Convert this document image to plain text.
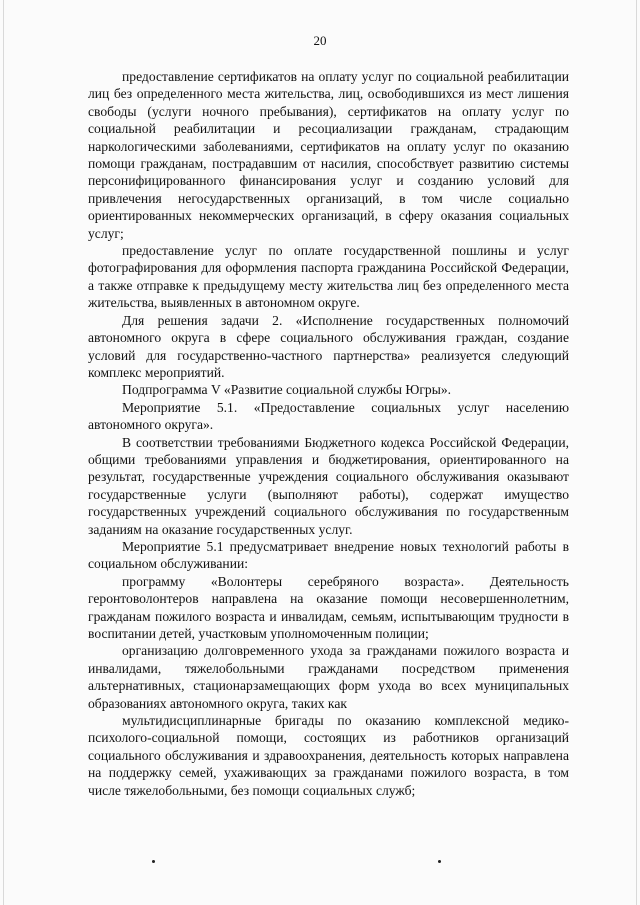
20

предоставление сертификатов на оплату услуг по социальной реабилитации лиц без определенного места жительства, лиц, освободившихся из мест лишения свободы (услуги ночного пребывания), сертификатов на оплату услуг по социальной реабилитации и ресоциализации гражданам, страдающим наркологическими заболеваниями, сертификатов на оплату услуг по оказанию помощи гражданам, пострадавшим от насилия, способствует развитию системы персонифицированного финансирования услуг и созданию условий для привлечения негосударственных организаций, в том числе социально ориентированных некоммерческих организаций, в сферу оказания социальных услуг;

предоставление услуг по оплате государственной пошлины и услуг фотографирования для оформления паспорта гражданина Российской Федерации, а также отправке к предыдущему месту жительства лиц без определенного места жительства, выявленных в автономном округе.

Для решения задачи 2. «Исполнение государственных полномочий автономного округа в сфере социального обслуживания граждан, создание условий для государственно-частного партнерства» реализуется следующий комплекс мероприятий.

Подпрограмма V «Развитие социальной службы Югры».

Мероприятие 5.1. «Предоставление социальных услуг населению автономного округа».

В соответствии требованиями Бюджетного кодекса Российской Федерации, общими требованиями управления и бюджетирования, ориентированного на результат, государственные учреждения социального обслуживания оказывают государственные услуги (выполняют работы), содержат имущество государственных учреждений социального обслуживания по государственным заданиям на оказание государственных услуг.

Мероприятие 5.1 предусматривает внедрение новых технологий работы в социальном обслуживании:

программу «Волонтеры серебряного возраста». Деятельность геронтоволонтеров направлена на оказание помощи несовершеннолетним, гражданам пожилого возраста и инвалидам, семьям, испытывающим трудности в воспитании детей, участковым уполномоченным полиции;

организацию долговременного ухода за гражданами пожилого возраста и инвалидами, тяжелобольными гражданами посредством применения альтернативных, стационарзамещающих форм ухода во всех муниципальных образованиях автономного округа, таких как

мультидисциплинарные бригады по оказанию комплексной медико-психолого-социальной помощи, состоящих из работников организаций социального обслуживания и здравоохранения, деятельность которых направлена на поддержку семей, ухаживающих за гражданами пожилого возраста, в том числе тяжелобольными, без помощи социальных служб;
